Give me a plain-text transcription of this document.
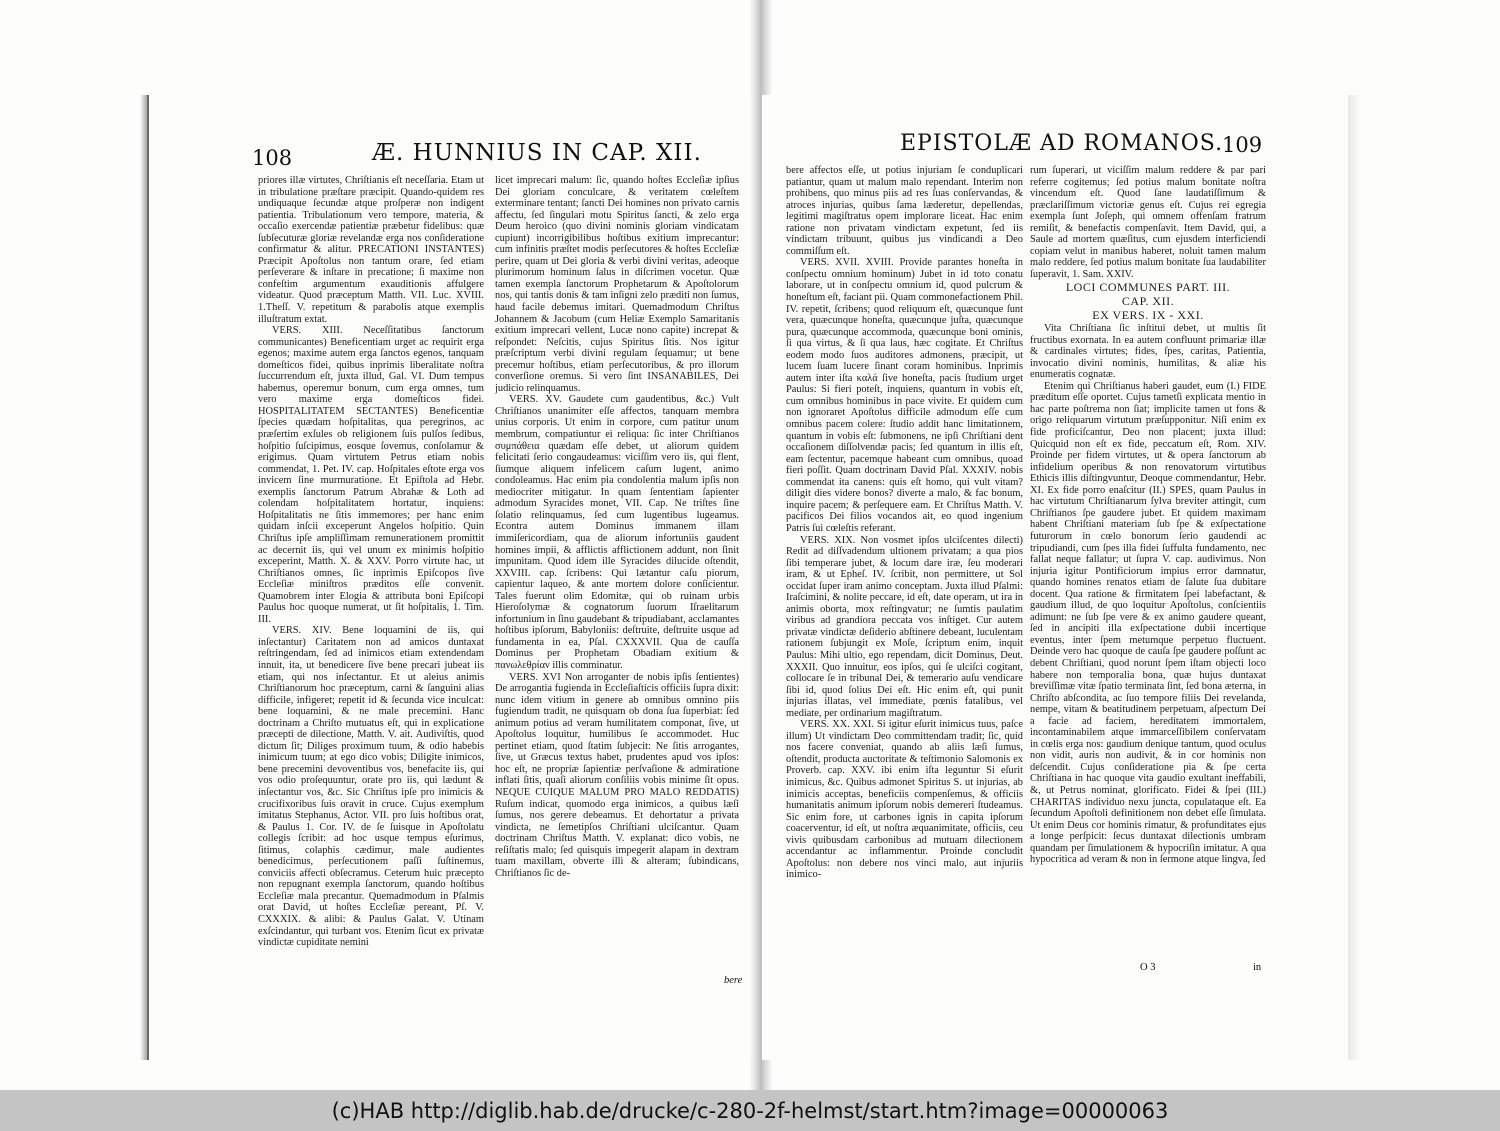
108	Æ. HUNNIUS IN CAP. XII.

priores illæ virtutes, Chriſtianis eſt neceſſaria. Etam ut in tribulatione præſtare præcipit. Quando-quidem res undiquaque ſecundæ atque proſperæ non indigent patientia. Tribulationum vero tempore, materia, & occaſio exercendæ patientiæ præbetur fidelibus: quæ ſubſecuturæ gloriæ revelandæ erga nos conſideratione confirmatur & alitur. PRECATIONI INSTANTES) Præcipit Apoſtolus non tantum orare, ſed etiam perſeverare & inſtare in precatione; ſi maxime non confeſtim argumentum exauditionis affulgere videatur. Quod præceptum Matth. VII. Luc. XVIII. 1.Theſſ. V. repetitum & parabolis atque exemplis illuſtratum extat.

VERS. XIII. Neceſſitatibus ſanctorum communicantes) Beneficentiam urget ac requirit erga egenos; maxime autem erga ſanctos egenos, tanquam domeſticos fidei, quibus inprimis liberalitate noſtra ſuccurrendum eſt, juxta illud, Gal. VI. Dum tempus habemus, operemur bonum, cum erga omnes, tum vero maxime erga domeſticos fidei. HOSPITALITATEM SECTANTES) Beneficentiæ ſpecies quædam hoſpitalitas, qua peregrinos, ac præſertim exſules ob religionem ſuis pulſos ſedibus, hoſpitio ſuſcipimus, eosque ſovemus, conſolamur & erigimus. Quam virtutem Petrus etiam nobis commendat, 1. Pet. IV. cap. Hoſpitales eſtote erga vos invicem ſine murmuratione. Et Epiſtola ad Hebr. exemplis ſanctorum Patrum Abrahæ & Loth ad colendam hoſpitalitatem hortatur, inquiens: Hoſpitalitatis ne ſitis immemores; per hanc enim quidam inſcii exceperunt Angelos hoſpitio. Quin Chriſtus ipſe ampliſſimam remunerationem promittit ac decernit iis, qui vel unum ex minimis hoſpitio exceperint, Matth. X. & XXV. Porro virtute hac, ut Chriſtianos omnes, ſic inprimis Epiſcopos ſive Eccleſiæ miniſtros præditos eſſe convenit. Quamobrem inter Elogia & attributa boni Epiſcopi Paulus hoc quoque numerat, ut ſit hoſpitalis, 1. Tim. III.

VERS. XIV. Bene loquamini de iis, qui inſectantur) Caritatem non ad amicos duntaxat reſtringendam, ſed ad inimicos etiam extendendam innuit, ita, ut benedicere ſive bene precari jubeat iis etiam, qui nos inſectantur. Et ut aleius animis Chriſtianorum hoc præceptum, carni & ſanguini alias difficile, infigeret; repetit id & ſecunda vice inculcat: bene loquamini, & ne male precemini. Hanc doctrinam a Chriſto mutuatus eſt, qui in explicatione præcepti de dilectione, Matth. V. ait. Audiviſtis, quod dictum ſit; Diliges proximum tuum, & odio habebis inimicum tuum; at ego dico vobis; Diligite inimicos, bene precemini devoventibus vos, benefacite iis, qui vos odio proſequuntur, orate pro iis, qui lædunt & inſectantur vos, &c. Sic Chriſtus ipſe pro inimicis & crucifixoribus ſuis oravit in cruce. Cujus exemplum imitatus Stephanus, Actor. VII. pro ſuis hoſtibus orat, & Paulus 1. Cor. IV. de ſe ſuisque in Apoſtolatu collegis ſcribit: ad hoc usque tempus eſurimus, ſitimus, colaphis cædimur, male audientes benedicimus, perſecutionem paſſi ſuſtinemus, conviciis affecti obſecramus. Ceterum huic præcepto non repugnant exempla ſanctorum, quando hoſtibus Eccleſiæ mala precantur. Quemadmodum in Pſalmis orat David, ut hoſtes Eccleſiæ pereant, Pſ. V. CXXXIX. & alibi: & Paulus Galat. V. Utinam exſcindantur, qui turbant vos. Etenim ſicut ex privatæ vindictæ cupiditate nemini

licet imprecari malum: ſic, quando hoſtes Eccleſiæ ipſius Dei gloriam conculcare, & veritatem cœleſtem exterminare tentant; ſancti Dei homines non privato carnis affectu, ſed ſingulari motu Spiritus ſancti, & zelo erga Deum heroico (quo divini nominis gloriam vindicatam cupiunt) incorrigibilibus hoſtibus exitium imprecantur: cum infinitis præſtet modis perſecutores & hoſtes Eccleſiæ perire, quam ut Dei gloria & verbi divini veritas, adeoque plurimorum hominum ſalus in diſcrimen vocetur. Quæ tamen exempla ſanctorum Prophetarum & Apoſtolorum nos, qui tantis donis & tam inſigni zelo præditi non ſumus, haud facile debemus imitari. Quemadmodum Chriſtus Johannem & Jacobum (cum Heliæ Exemplo Samaritanis exitium imprecari vellent, Lucæ nono capite) increpat & reſpondet: Neſcitis, cujus Spiritus ſitis. Nos igitur præſcriptum verbi divini regulam ſequamur; ut bene precemur hoſtibus, etiam perſecutoribus, & pro illorum converſione oremus. Si vero ſint INSANABILES, Dei judicio relinquamus.

VERS. XV. Gaudete cum gaudentibus, &c.) Vult Chriſtianos unanimiter eſſe affectos, tanquam membra unius corporis. Ut enim in corpore, cum patitur unum membrum, compatiuntur ei reliqua: ſic inter Chriſtianos συμπάθεια quædam eſſe debet, ut aliorum quidem felicitati ſerio congaudeamus: viciſſim vero iis, qui flent, ſiumque aliquem infelicem caſum lugent, animo condoleamus. Hac enim pia condolentia malum ipſis non mediocriter mitigatur. In quam ſententiam ſapienter admodum Syracides monet, VII. Cap. Ne triſtes ſine ſolatio relinquamus, ſed cum lugentibus lugeamus. Econtra autem Dominus immanem illam immiſericordiam, qua de aliorum infortuniis gaudent homines impii, & afflictis afflictionem addunt, non ſinit impunitam. Quod idem ille Syracides dilucide oſtendit, XXVIII. cap. ſcribens: Qui lætantur caſu piorum, capientur laqueo, & ante mortem dolore conſicientur. Tales fuerunt olim Edomitæ, qui ob ruinam urbis Hieroſolymæ & cognatorum ſuorum Iſraelitarum infortunium in ſinu gaudebant & tripudiabant, acclamantes hoſtibus ipſorum, Babyloniis: deſtruite, deſtruite usque ad fundamenta in ea, Pſal. CXXXVII. Qua de cauſſa Dominus per Prophetam Obadiam exitium & πανωλεθρίαν illis comminatur.

VERS. XVI Non arroganter de nobis ipſis ſentientes) De arrogantia fugienda in Eccleſiaſticis officiis ſupra dixit: nunc idem vitium in genere ab omnibus omnino piis fugiendum tradit, ne quisquam ob dona ſua ſuperbiat: ſed animum potius ad veram humilitatem componat, ſive, ut Apoſtolus loquitur, humilibus ſe accommodet. Huc pertinet etiam, quod ſtatim ſubjecit: Ne ſitis arrogantes, ſive, ut Græcus textus habet, prudentes apud vos ipſos: hoc eſt, ne propriæ ſapientiæ perſvaſione & admiratione inflati ſitis, quaſi aliorum conſiliis vobis minime ſit opus. NEQUE CUIQUE MALUM PRO MALO REDDATIS) Ruſum indicat, quomodo erga inimicos, a quibus læſi ſumus, nos gerere debeamus. Et dehortatur a privata vindicta, ne ſemetipſos Chriſtiani ulciſcantur. Quam doctrinam Chriſtus Matth. V. explanat: dico vobis, ne reſiſtatis malo; ſed quisquis impegerit alapam in dextram tuam maxillam, obverte illi & alteram; ſubindicans, Chriſtianos ſic de-

bere
EPISTOLÆ AD ROMANOS.
109

bere affectos eſſe, ut potius injuriam ſe conduplicari patiantur, quam ut malum malo rependant. Interim non prohibens, quo minus piis ad res ſuas conſervandas, & atroces injurias, quibus ſama læderetur, depellendas, legitimi magiſtratus opem implorare liceat. Hac enim ratione non privatam vindictam expetunt, ſed iis vindictam tribuunt, quibus jus vindicandi a Deo commiſſum eſt.

VERS. XVII. XVIII. Provide parantes honeſta in conſpectu omnium hominum) Jubet in id toto conatu laborare, ut in conſpectu omnium id, quod pulcrum & honeſtum eſt, faciant pii. Quam commonefactionem Phil. IV. repetit, ſcribens; quod reliquum eſt, quæcunque ſunt vera, quæcunque honeſta, quæcunque juſta, quæcunque pura, quæcunque accommoda, quæcunque boni ominis, ſi qua virtus, & ſi qua laus, hæc cogitate. Et Chriſtus eodem modo ſuos auditores admonens, præcipit, ut lucem ſuam lucere ſinant coram hominibus. Inprimis autem inter iſta καλά ſive honeſta, pacis ſtudium urget Paulus: Si fieri poteſt, inquiens, quantum in vobis eſt, cum omnibus hominibus in pace vivite. Et quidem cum non ignoraret Apoſtolus difficile admodum eſſe cum omnibus pacem colere: ſtudio addit hanc limitationem, quantum in vobis eſt: ſubmonens, ne ipſi Chriſtiani dent occaſionem diſſolvendæ pacis; ſed quantum in illis eſt, eam ſectentur, pacemque habeant cum omnibus, quoad fieri poſſit. Quam doctrinam David Pſal. XXXIV. nobis commendat ita canens: quis eſt homo, qui vult vitam? diligit dies videre bonos? diverte a malo, & fac bonum, inquire pacem; & perſequere eam. Et Chriſtus Matth. V. pacificos Dei filios vocandos ait, eo quod ingenium Patris ſui cœleſtis referant.

VERS. XIX. Non vosmet ipſos ulciſcentes dilecti) Redit ad diſſvadendum ultionem privatam; a qua pios ſibi temperare jubet, & locum dare iræ, ſeu moderari iram, & ut Epheſ. IV. ſcribit, non permittere, ut Sol occidat ſuper iram animo conceptam. Juxta illud Pſalmi: Iraſcimini, & nolite peccare, id eſt, date operam, ut ira in animis oborta, mox reſtingvatur; ne ſumtis paulatim viribus ad grandiora peccata vos inſtiget. Cur autem privatæ vindictæ deſiderio abſtinere debeant, luculentam rationem ſubjungit ex Moſe, ſcriptum enim, inquit Paulus: Mihi ultio, ego rependam, dicit Dominus, Deut. XXXII. Quo innuitur, eos ipſos, qui ſe ulciſci cogitant, collocare ſe in tribunal Dei, & temerario auſu vendicare ſibi id, quod ſolius Dei eſt. Hic enim eſt, qui punit injurias illatas, vel immediate, pœnis fatalibus, vel mediate, per ordinarium magiſtratum.

VERS. XX. XXI. Si igitur eſurit inimicus tuus, paſce illum) Ut vindictam Deo committendam tradit; ſic, quid nos facere conveniat, quando ab aliis læſi ſumus, oſtendit, producta auctoritate & teſtimonio Salomonis ex Proverb. cap. XXV. ibi enim iſta leguntur Si eſurit inimicus, &c. Quibus admonet Spiritus S. ut injurias, ab inimicis acceptas, beneficiis compenſemus, & officiis humanitatis animum ipſorum nobis demereri ſtudeamus. Sic enim fore, ut carbones ignis in capita ipſorum coacerventur, id eſt, ut noſtra æquanimitate, officiis, ceu vivis quibusdam carbonibus ad mutuam dilectionem accendantur ac inflammentur. Proinde concludit Apoſtolus: non debere nos vinci malo, aut injuriis inimico-

rum ſuperari, ut viciſſim malum reddere & par pari referre cogitemus; ſed potius malum bonitate noſtra vincendum eſt. Quod ſane laudatiſſimum & præclariſſimum victoriæ genus eſt. Cujus rei egregia exempla ſunt Joſeph, qui omnem offenſam fratrum remiſit, & benefactis compenſavit. Item David, qui, a Saule ad mortem quæſitus, cum ejusdem interficiendi copiam velut in manibus haberet, noluit tamen malum malo reddere, ſed potius malum bonitate ſua laudabiliter ſuperavit, 1. Sam. XXIV.

LOCI COMMUNES PART. III.

CAP. XII.

EX VERS. IX - XXI.

Vita Chriſtiana ſic inſtitui debet, ut multis ſit fructibus exornata. In ea autem confluunt primariæ illæ & cardinales virtutes; fides, ſpes, caritas, Patientia, invocatio divini nominis, humilitas, & aliæ his enumeratis cognatæ.

Etenim qui Chriſtianus haberi gaudet, eum (I.) FIDE præditum eſſe oportet. Cujus tametſi explicata mentio in hac parte poſtrema non ſiat; implicite tamen ut fons & origo reliquarum virtutum præſupponitur. Niſi enim ex fide proficiſcantur, Deo non placent; juxta illud: Quicquid non eſt ex fide, peccatum eſt, Rom. XIV. Proinde per fidem virtutes, ut & opera ſanctorum ab infidelium operibus & non renovatorum virtutibus Ethicis illis diſtingvuntur, Deoque commendantur, Hebr. XI. Ex fide porro enaſcitur (II.) SPES, quam Paulus in hac virtutum Chriſtianarum ſylva breviter attingit, cum Chriſtianos ſpe gaudere jubet. Et quidem maximam habent Chriſtiani materiam ſub ſpe & exſpectatione futurorum in cœlo bonorum ſerio gaudendi ac tripudiandi, cum ſpes illa fidei ſuffulta fundamento, nec fallat neque fallatur; ut ſupra V. cap. audivimus. Non injuria igitur Pontificiorum impius error damnatur, quando homines renatos etiam de ſalute ſua dubitare docent. Qua ratione & firmitatem ſpei labefactant, & gaudium illud, de quo loquitur Apoſtolus, conſcientiis adimunt: ne ſub ſpe vere & ex animo gaudere queant, ſed in ancipiti illa exſpectatione dubii incertique eventus, inter ſpem metumque perpetuo fluctuent. Deinde vero hac quoque de cauſa ſpe gaudere poſſunt ac debent Chriſtiani, quod norunt ſpem iſtam objecti loco habere non temporalia bona, quæ hujus duntaxat breviſſimæ vitæ ſpatio terminata ſint, ſed bona æterna, in Chriſto abſcondita, ac ſuo tempore filiis Dei revelanda, nempe, vitam & beatitudinem perpetuam, aſpectum Dei a facie ad faciem, hereditatem immortalem, incontaminabilem atque immarceſſibilem conſervatam in cœlis erga nos: gaudium denique tantum, quod oculus non vidit, auris non audivit, & in cor hominis non deſcendit. Cujus conſideratione pia & ſpe certa Chriſtiana in hac quoque vita gaudio exultant ineffabili, &, ut Petrus nominat, glorificato. Fidei & ſpei (III.) CHARITAS individuo nexu juncta, copulataque eſt. Ea ſecundum Apoſtoli definitionem non debet eſſe ſimulata. Ut enim Deus cor hominis rimatur, & profunditates ejus a longe perſpicit: ſecus duntaxat dilectionis umbram quandam per ſimulationem & hypocriſin imitatur. A qua hypocritica ad veram & non in ſermone atque lingva, ſed

O 3	in
(c)HAB http://diglib.hab.de/drucke/c-280-2f-helmst/start.htm?image=00000063
